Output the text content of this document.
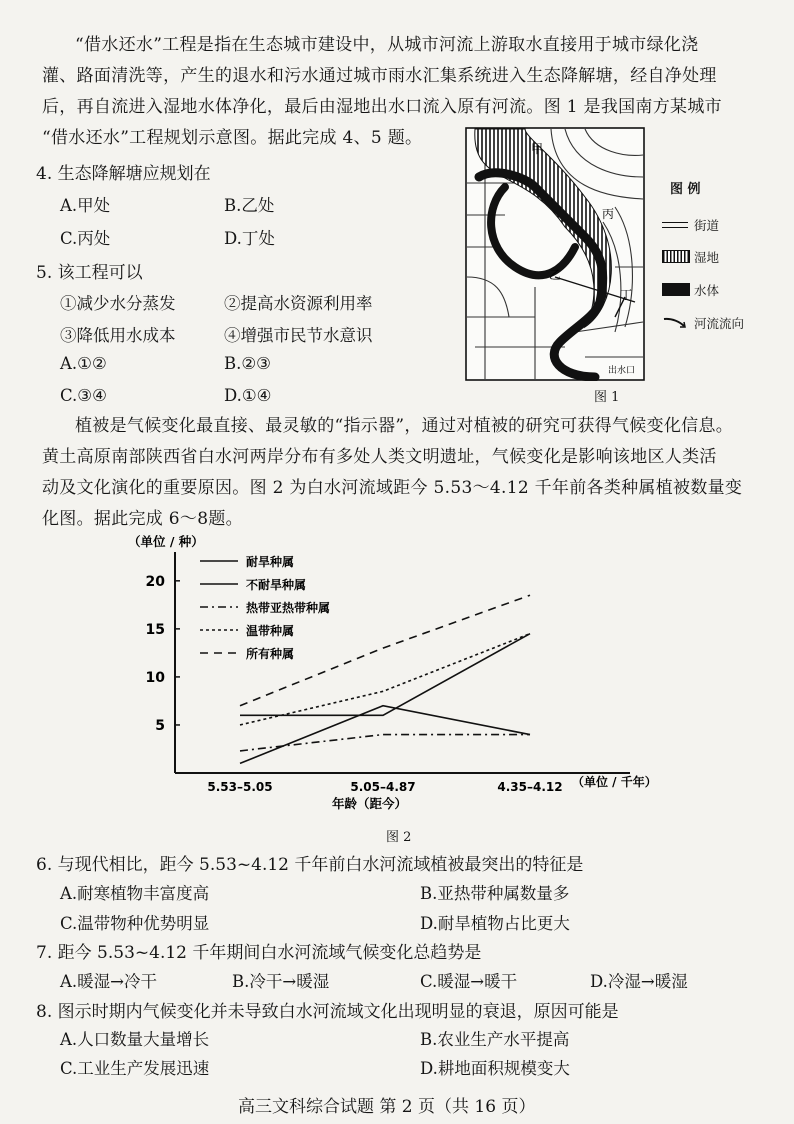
“借水还水”工程是指在生态城市建设中，从城市河流上游取水直接用于城市绿化浇
灌、路面清洗等，产生的退水和污水通过城市雨水汇集系统进入生态降解塘，经自净处理
后，再自流进入湿地水体净化，最后由湿地出水口流入原有河流。图 1 是我国南方某城市
“借水还水”工程规划示意图。据此完成 4、5 题。
4. 生态降解塘应规划在
A.甲处	B.乙处
C.丙处	D.丁处
5. 该工程可以
①减少水分蒸发	②提高水资源利用率
③降低用水成本	④增强市民节水意识
A.①②	B.②③
C.③④	D.①④
甲
乙
丙
丁
出水口
图 例
街道
湿地
水体
河流流向
图 1
植被是气候变化最直接、最灵敏的“指示器”，通过对植被的研究可获得气候变化信息。
黄土高原南部陕西省白水河两岸分布有多处人类文明遗址，气候变化是影响该地区人类活
动及文化演化的重要原因。图 2 为白水河流域距今 5.53～4.12 千年前各类种属植被数量变
化图。据此完成 6～8题。
（单位 / 种）
耐旱种属
不耐旱种属
热带亚热带种属
温带种属
所有种属
5
10
15
20
5.53–5.05	5.05–4.87	4.35–4.12 （单位 / 千年）
年龄（距今）
图 2
6. 与现代相比，距今 5.53~4.12 千年前白水河流域植被最突出的特征是
A.耐寒植物丰富度高	B.亚热带种属数量多
C.温带物种优势明显	D.耐旱植物占比更大
7. 距今 5.53~4.12 千年期间白水河流域气候变化总趋势是
A.暖湿→冷干	B.冷干→暖湿	C.暖湿→暖干	D.冷湿→暖湿
8. 图示时期内气候变化并未导致白水河流域文化出现明显的衰退，原因可能是
A.人口数量大量增长	B.农业生产水平提高
C.工业生产发展迅速	D.耕地面积规模变大
高三文科综合试题 第 2 页（共 16 页）
